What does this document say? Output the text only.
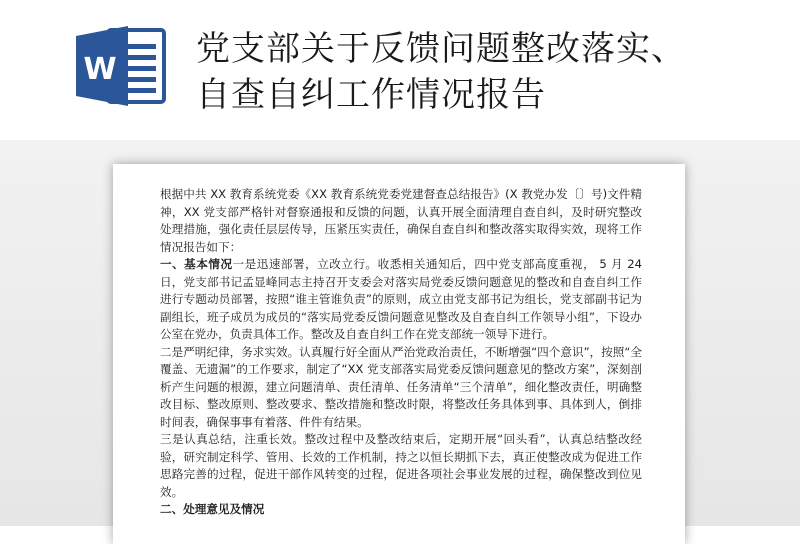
W
党支部关于反馈问题整改落实、
自查自纠工作情况报告

根据中共 XX 教育系统党委《XX 教育系统党委党建督查总结报告》(X 教党办发〔〕号)文件精神，XX 党支部严格针对督察通报和反馈的问题，认真开展全面清理自查自纠，及时研究整改处理措施，强化责任层层传导，压紧压实责任，确保自查自纠和整改落实取得实效，现将工作情况报告如下：

一、基本情况一是迅速部署，立改立行。收悉相关通知后，四中党支部高度重视， 5 月 24 日，党支部书记孟显峰同志主持召开支委会对落实局党委反馈问题意见的整改和自查自纠工作进行专题动员部署，按照“谁主管谁负责”的原则，成立由党支部书记为组长，党支部副书记为副组长，班子成员为成员的“落实局党委反馈问题意见整改及自查自纠工作领导小组”，下设办公室在党办，负责具体工作。整改及自查自纠工作在党支部统一领导下进行。

二是严明纪律，务求实效。认真履行好全面从严治党政治责任，不断增强“四个意识”，按照“全覆盖、无遗漏”的工作要求，制定了“XX 党支部落实局党委反馈问题意见的整改方案”，深刻剖析产生问题的根源，建立问题清单、责任清单、任务清单“三个清单”，细化整改责任，明确整改目标、整改原则、整改要求、整改措施和整改时限，将整改任务具体到事、具体到人，倒排时间表，确保事事有着落、件件有结果。

三是认真总结，注重长效。整改过程中及整改结束后，定期开展“回头看”，认真总结整改经验，研究制定科学、管用、长效的工作机制，持之以恒长期抓下去，真正使整改成为促进工作思路完善的过程，促进干部作风转变的过程，促进各项社会事业发展的过程，确保整改到位见效。

二、处理意见及情况
